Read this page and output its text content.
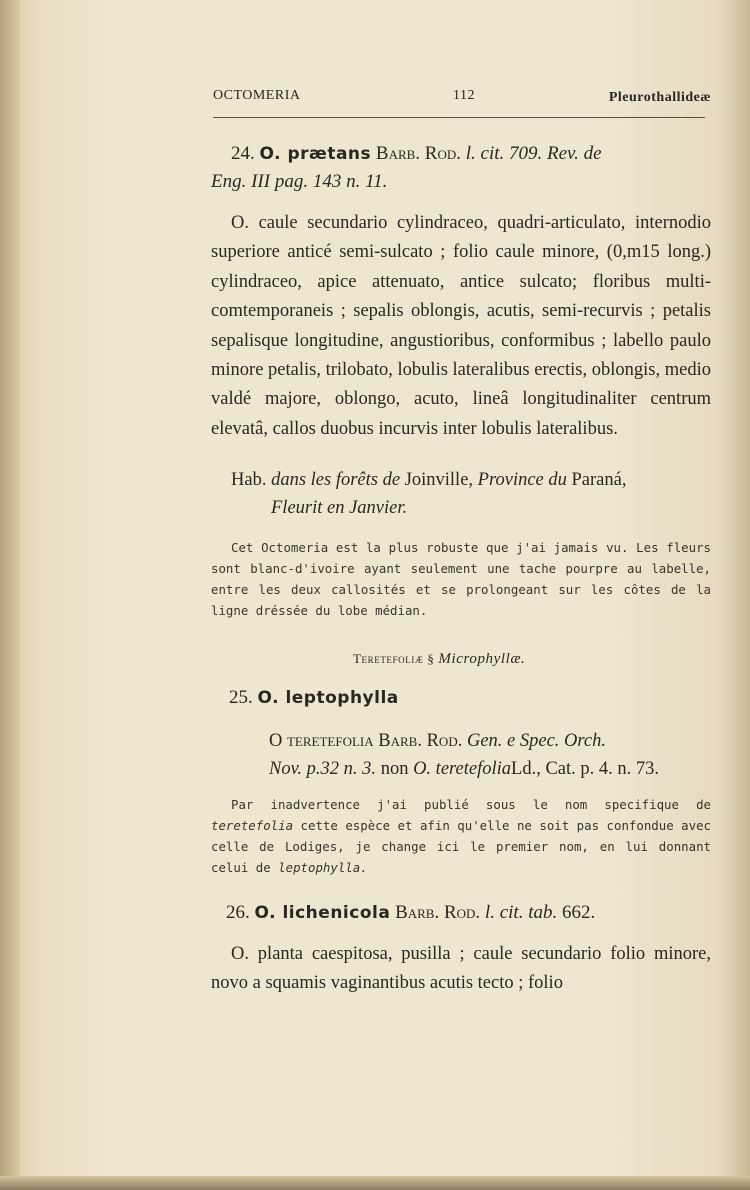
OCTOMERIA	112	Pleurothallideæ
24. O. prætans Barb. Rod. l. cit. 709. Rev. de
Eng. III pag. 143 n. 11.
O. caule secundario cylindraceo, quadri-articulato, internodio superiore anticé semi-sulcato ; folio caule minore, (0,m15 long.) cylindraceo, apice attenuato, antice sulcato; floribus multi-comtemporaneis ; sepalis oblongis, acutis, semi-recurvis ; petalis sepalisque longitudine, angustioribus, conformibus ; labello paulo minore petalis, trilobato, lobulis lateralibus erectis, oblongis, medio valdé majore, oblongo, acuto, lineâ longitudinaliter centrum elevatâ, callos duobus incurvis inter lobulis lateralibus.
Hab. dans les forêts de Joinville, Province du Paraná,
Fleurit en Janvier.
Cet Octomeria est la plus robuste que j'ai jamais vu. Les fleurs sont blanc-d'ivoire ayant seulement une tache pourpre au labelle, entre les deux callosités et se prolongeant sur les côtes de la ligne dréssée du lobe médian.
Teretefoliæ § Microphyllæ.
25. O. leptophylla
O teretefolia Barb. Rod. Gen. e Spec. Orch.
Nov. p.32 n. 3. non O. teretefoliaLd., Cat. p. 4. n. 73.
Par inadvertence j'ai publié sous le nom specifique de teretefolia cette espèce et afin qu'elle ne soit pas confondue avec celle de Lodiges, je change ici le premier nom, en lui donnant celui de leptophylla.
26. O. lichenicola Barb. Rod. l. cit. tab. 662.
O. planta caespitosa, pusilla ; caule secundario folio minore, novo a squamis vaginantibus acutis tecto ; folio
